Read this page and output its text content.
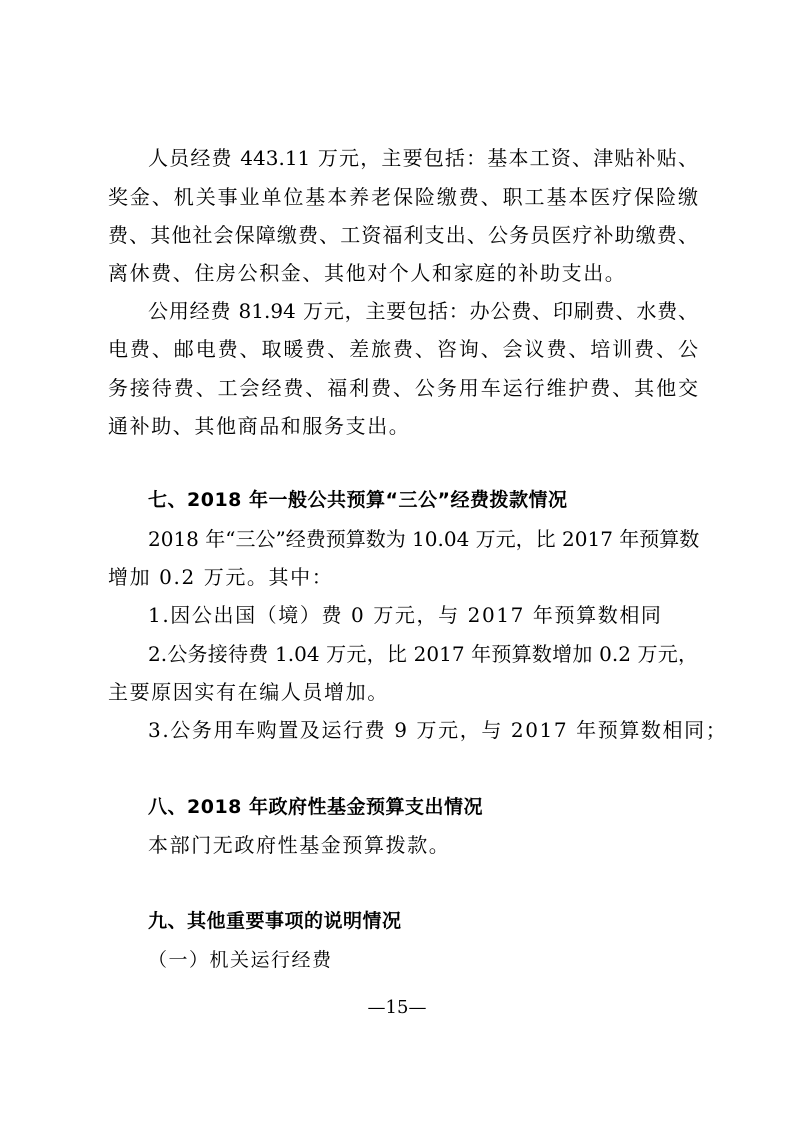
人员经费 443.11 万元，主要包括：基本工资、津贴补贴、
奖金、机关事业单位基本养老保险缴费、职工基本医疗保险缴
费、其他社会保障缴费、工资福利支出、公务员医疗补助缴费、
离休费、住房公积金、其他对个人和家庭的补助支出。
公用经费 81.94 万元，主要包括：办公费、印刷费、水费、
电费、邮电费、取暖费、差旅费、咨询、会议费、培训费、公
务接待费、工会经费、福利费、公务用车运行维护费、其他交
通补助、其他商品和服务支出。
七、2018 年一般公共预算“三公”经费拨款情况
2018 年“三公”经费预算数为 10.04 万元，比 2017 年预算数
增加 0.2 万元。其中：
1.因公出国（境）费 0 万元，与 2017 年预算数相同
2.公务接待费 1.04 万元，比 2017 年预算数增加 0.2 万元，
主要原因实有在编人员增加。
3.公务用车购置及运行费 9 万元，与 2017 年预算数相同；
八、2018 年政府性基金预算支出情况
本部门无政府性基金预算拨款。
九、其他重要事项的说明情况
（一）机关运行经费
—15—
